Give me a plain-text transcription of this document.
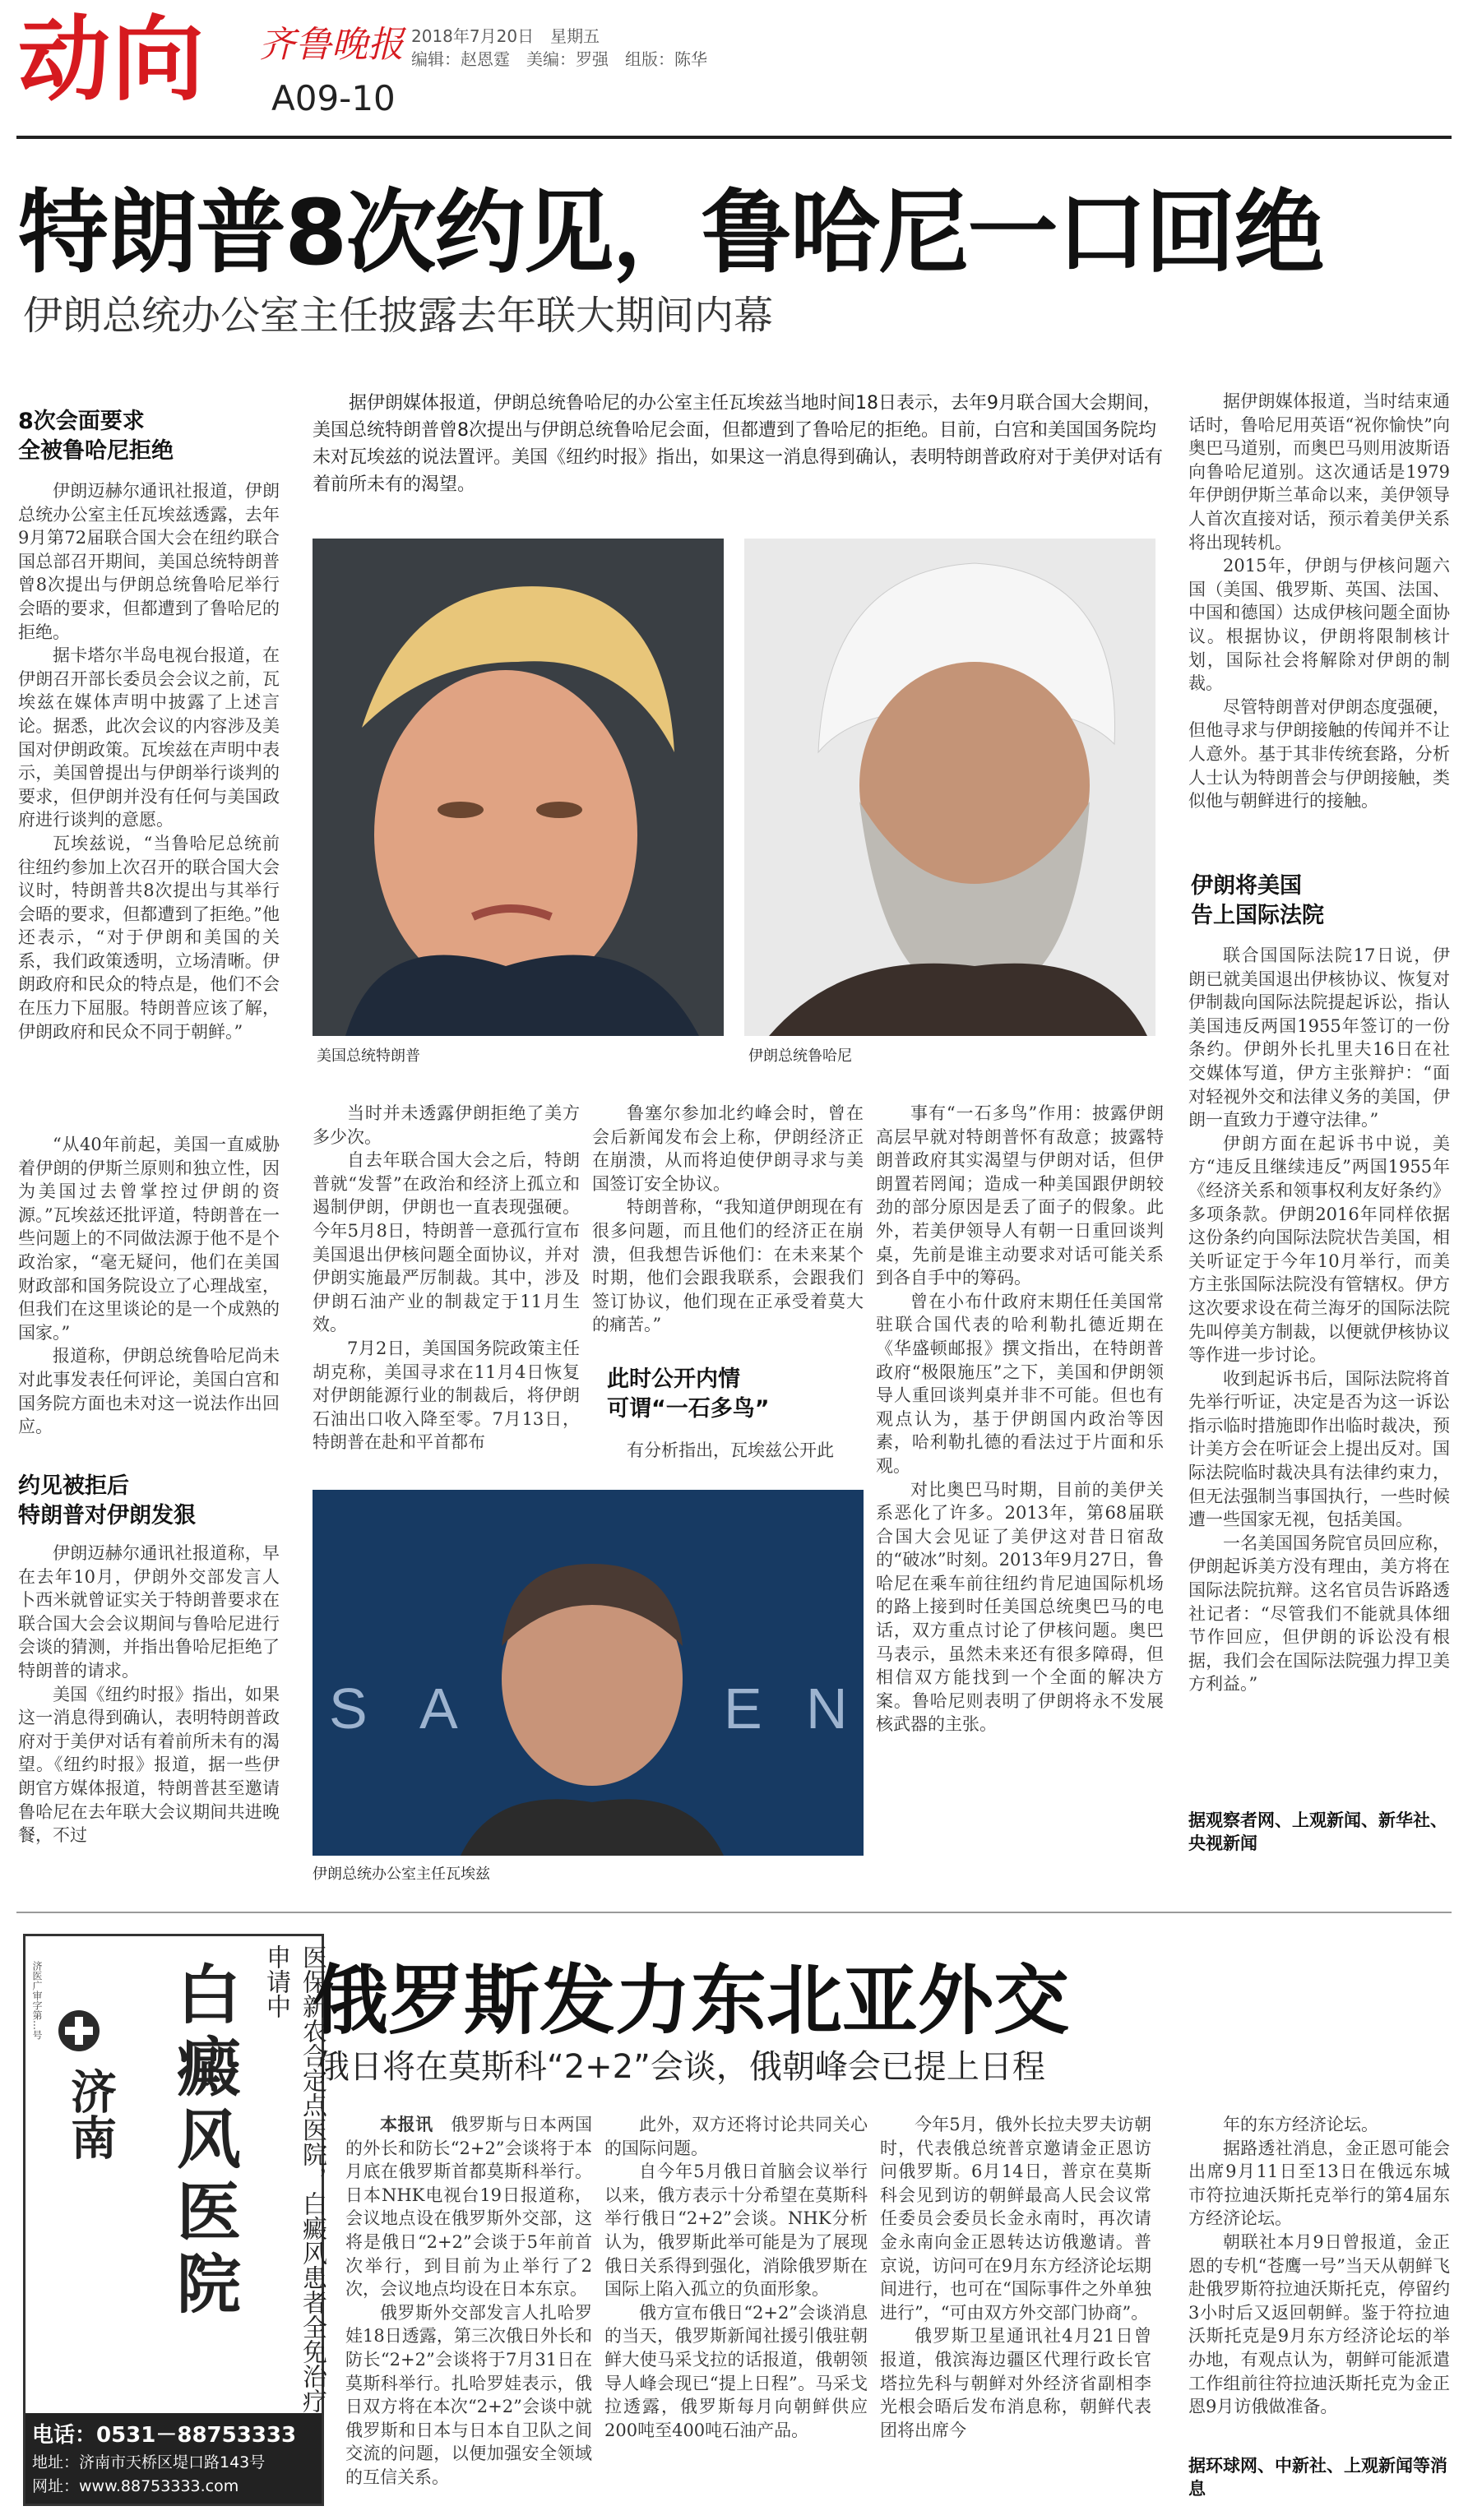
动向 齐鲁晚报 2018年7月20日　 星期五
编辑：赵恩霆　美编：罗强　组版：陈华
A09-10
特朗普8次约见，鲁哈尼一口回绝
伊朗总统办公室主任披露去年联大期间内幕
8次会面要求
全被鲁哈尼拒绝

伊朗迈赫尔通讯社报道，伊朗总统办公室主任瓦埃兹透露，去年9月第72届联合国大会在纽约联合国总部召开期间，美国总统特朗普曾8次提出与伊朗总统鲁哈尼举行会晤的要求，但都遭到了鲁哈尼的拒绝。

据卡塔尔半岛电视台报道，在伊朗召开部长委员会会议之前，瓦埃兹在媒体声明中披露了上述言论。据悉，此次会议的内容涉及美国对伊朗政策。瓦埃兹在声明中表示，美国曾提出与伊朗举行谈判的要求，但伊朗并没有任何与美国政府进行谈判的意愿。

瓦埃兹说，“当鲁哈尼总统前往纽约参加上次召开的联合国大会议时，特朗普共8次提出与其举行会晤的要求，但都遭到了拒绝。”他还表示，“对于伊朗和美国的关系，我们政策透明，立场清晰。伊朗政府和民众的特点是，他们不会在压力下屈服。特朗普应该了解，伊朗政府和民众不同于朝鲜。”

“从40年前起，美国一直威胁着伊朗的伊斯兰原则和独立性，因为美国过去曾掌控过伊朗的资源。”瓦埃兹还批评道，特朗普在一些问题上的不同做法源于他不是个政治家，“毫无疑问，他们在美国财政部和国务院设立了心理战室，但我们在这里谈论的是一个成熟的国家。”

报道称，伊朗总统鲁哈尼尚未对此事发表任何评论，美国白宫和国务院方面也未对这一说法作出回应。

约见被拒后
特朗普对伊朗发狠

伊朗迈赫尔通讯社报道称，早在去年10月，伊朗外交部发言人卜西米就曾证实关于特朗普要求在联合国大会会议期间与鲁哈尼进行会谈的猜测，并指出鲁哈尼拒绝了特朗普的请求。

美国《纽约时报》指出，如果这一消息得到确认，表明特朗普政府对于美伊对话有着前所未有的渴望。《纽约时报》报道，据一些伊朗官方媒体报道，特朗普甚至邀请鲁哈尼在去年联大会议期间共进晚餐，不过

据伊朗媒体报道，伊朗总统鲁哈尼的办公室主任瓦埃兹当地时间18日表示，去年9月联合国大会期间，美国总统特朗普曾8次提出与伊朗总统鲁哈尼会面，但都遭到了鲁哈尼的拒绝。目前，白宫和美国国务院均未对瓦埃兹的说法置评。美国《纽约时报》指出，如果这一消息得到确认，表明特朗普政府对于美伊对话有着前所未有的渴望。

美国总统特朗普	伊朗总统鲁哈尼

当时并未透露伊朗拒绝了美方多少次。

自去年联合国大会之后，特朗普就“发誓”在政治和经济上孤立和遏制伊朗，伊朗也一直表现强硬。今年5月8日，特朗普一意孤行宣布美国退出伊核问题全面协议，并对伊朗实施最严厉制裁。其中，涉及伊朗石油产业的制裁定于11月生效。

7月2日，美国国务院政策主任胡克称，美国寻求在11月4日恢复对伊朗能源行业的制裁后，将伊朗石油出口收入降至零。7月13日，特朗普在赴和平首都布

鲁塞尔参加北约峰会时，曾在会后新闻发布会上称，伊朗经济正在崩溃，从而将迫使伊朗寻求与美国签订安全协议。

特朗普称，“我知道伊朗现在有很多问题，而且他们的经济正在崩溃，但我想告诉他们：在未来某个时期，他们会跟我联系，会跟我们签订协议，他们现在正承受着莫大的痛苦。”

此时公开内情
可谓“一石多鸟”

有分析指出，瓦埃兹公开此

S A	E N
伊朗总统办公室主任瓦埃兹

事有“一石多鸟”作用：披露伊朗高层早就对特朗普怀有敌意；披露特朗普政府其实渴望与伊朗对话，但伊朗置若罔闻；造成一种美国跟伊朗较劲的部分原因是丢了面子的假象。此外，若美伊领导人有朝一日重回谈判桌，先前是谁主动要求对话可能关系到各自手中的筹码。

曾在小布什政府末期任任美国常驻联合国代表的哈利勒扎德近期在《华盛顿邮报》撰文指出，在特朗普政府“极限施压”之下，美国和伊朗领导人重回谈判桌并非不可能。但也有观点认为，基于伊朗国内政治等因素，哈利勒扎德的看法过于片面和乐观。

对比奥巴马时期，目前的美伊关系恶化了许多。2013年，第68届联合国大会见证了美伊这对昔日宿敌的“破冰”时刻。2013年9月27日，鲁哈尼在乘车前往纽约肯尼迪国际机场的路上接到时任美国总统奥巴马的电话，双方重点讨论了伊核问题。奥巴马表示，虽然未来还有很多障碍，但相信双方能找到一个全面的解决方案。鲁哈尼则表明了伊朗将永不发展核武器的主张。

据伊朗媒体报道，当时结束通话时，鲁哈尼用英语“祝你愉快”向奥巴马道别，而奥巴马则用波斯语向鲁哈尼道别。这次通话是1979年伊朗伊斯兰革命以来，美伊领导人首次直接对话，预示着美伊关系将出现转机。

2015年，伊朗与伊核问题六国（美国、俄罗斯、英国、法国、中国和德国）达成伊核问题全面协议。根据协议，伊朗将限制核计划，国际社会将解除对伊朗的制裁。

尽管特朗普对伊朗态度强硬，但他寻求与伊朗接触的传闻并不让人意外。基于其非传统套路，分析人士认为特朗普会与伊朗接触，类似他与朝鲜进行的接触。

伊朗将美国
告上国际法院

联合国国际法院17日说，伊朗已就美国退出伊核协议、恢复对伊制裁向国际法院提起诉讼，指认美国违反两国1955年签订的一份条约。伊朗外长扎里夫16日在社交媒体写道，伊方主张辩护：“面对轻视外交和法律义务的美国，伊朗一直致力于遵守法律。”

伊朗方面在起诉书中说，美方“违反且继续违反”两国1955年《经济关系和领事权利友好条约》多项条款。伊朗2016年同样依据这份条约向国际法院状告美国，相关听证定于今年10月举行，而美方主张国际法院没有管辖权。伊方这次要求设在荷兰海牙的国际法院先叫停美方制裁，以便就伊核协议等作进一步讨论。

收到起诉书后，国际法院将首先举行听证，决定是否为这一诉讼指示临时措施即作出临时裁决，预计美方会在听证会上提出反对。国际法院临时裁决具有法律约束力，但无法强制当事国执行，一些时候遭一些国家无视，包括美国。

一名美国国务院官员回应称，伊朗起诉美方没有理由，美方将在国际法院抗辩。这名官员告诉路透社记者：“尽管我们不能就具体细节作回应，但伊朗的诉讼没有根据，我们会在国际法院强力捍卫美方利益。”

据观察者网、上观新闻、新华社、央视新闻
济医广审字第…号
济南 白癜风医院	医保新农合定点医院，白癜风患者全免治疗申请中
电话：0531－88753333
地址：济南市天桥区堤口路143号
网址：www.88753333.com
俄罗斯发力东北亚外交
俄日将在莫斯科“2+2”会谈，俄朝峰会已提上日程

本报讯　 俄罗斯与日本两国的外长和防长“2+2”会谈将于本月底在俄罗斯首都莫斯科举行。日本NHK电视台19日报道称，会议地点设在俄罗斯外交部，这将是俄日“2+2”会谈于5年前首次举行，到目前为止举行了2次，会议地点均设在日本东京。

俄罗斯外交部发言人扎哈罗娃18日透露，第三次俄日外长和防长“2+2”会谈将于7月31日在莫斯科举行。扎哈罗娃表示，俄日双方将在本次“2+2”会谈中就俄罗斯和日本与日本自卫队之间交流的问题，以便加强安全领域的互信关系。

此外，双方还将讨论共同关心的国际问题。

自今年5月俄日首脑会议举行以来，俄方表示十分希望在莫斯科举行俄日“2+2”会谈。NHK分析认为，俄罗斯此举可能是为了展现俄日关系得到强化，消除俄罗斯在国际上陷入孤立的负面形象。

俄方宣布俄日“2+2”会谈消息的当天，俄罗斯新闻社援引俄驻朝鲜大使马采戈拉的话报道，俄朝领导人峰会现已“提上日程”。马采戈拉透露，俄罗斯每月向朝鲜供应200吨至400吨石油产品。

今年5月，俄外长拉夫罗夫访朝时，代表俄总统普京邀请金正恩访问俄罗斯。6月14日，普京在莫斯科会见到访的朝鲜最高人民会议常任委员会委员长金永南时，再次请金永南向金正恩转达访俄邀请。普京说，访问可在9月东方经济论坛期间进行，也可在“国际事件之外单独进行”，“可由双方外交部门协商”。

俄罗斯卫星通讯社4月21日曾报道，俄滨海边疆区代理行政长官塔拉先科与朝鲜对外经济省副相李光根会晤后发布消息称，朝鲜代表团将出席今

年的东方经济论坛。

据路透社消息，金正恩可能会出席9月11日至13日在俄远东城市符拉迪沃斯托克举行的第4届东方经济论坛。

朝联社本月9日曾报道，金正恩的专机“苍鹰一号”当天从朝鲜飞赴俄罗斯符拉迪沃斯托克，停留约3小时后又返回朝鲜。鉴于符拉迪沃斯托克是9月东方经济论坛的举办地，有观点认为，朝鲜可能派遣工作组前往符拉迪沃斯托克为金正恩9月访俄做准备。

据环球网、中新社、上观新闻等消息
